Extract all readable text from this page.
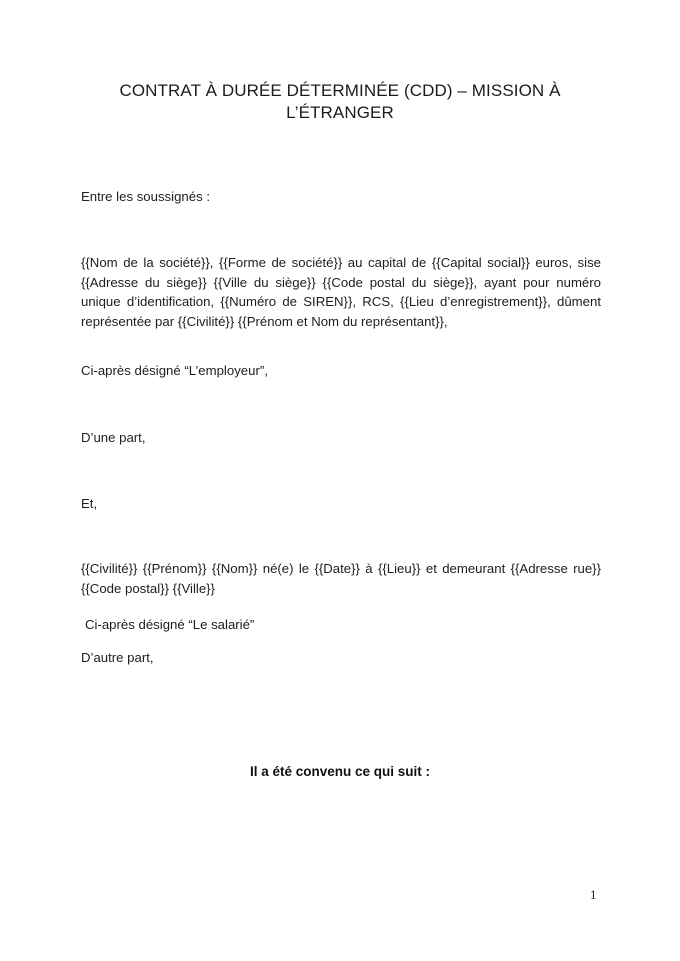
CONTRAT À DURÉE DÉTERMINÉE (CDD) – MISSION À L’ÉTRANGER
Entre les soussignés :
{{Nom de la société}}, {{Forme de société}} au capital de {{Capital social}} euros, sise {{Adresse du siège}} {{Ville du siège}} {{Code postal du siège}}, ayant pour numéro unique d’identification, {{Numéro de SIREN}}, RCS, {{Lieu d’enregistrement}}, dûment représentée par {{Civilité}} {{Prénom et Nom du représentant}},
Ci-après désigné “L’employeur”,
D’une part,
Et,
{{Civilité}} {{Prénom}} {{Nom}} né(e) le {{Date}} à {{Lieu}} et demeurant {{Adresse rue}} {{Code postal}} {{Ville}}
Ci-après désigné “Le salarié”
D’autre part,
Il a été convenu ce qui suit :
1
